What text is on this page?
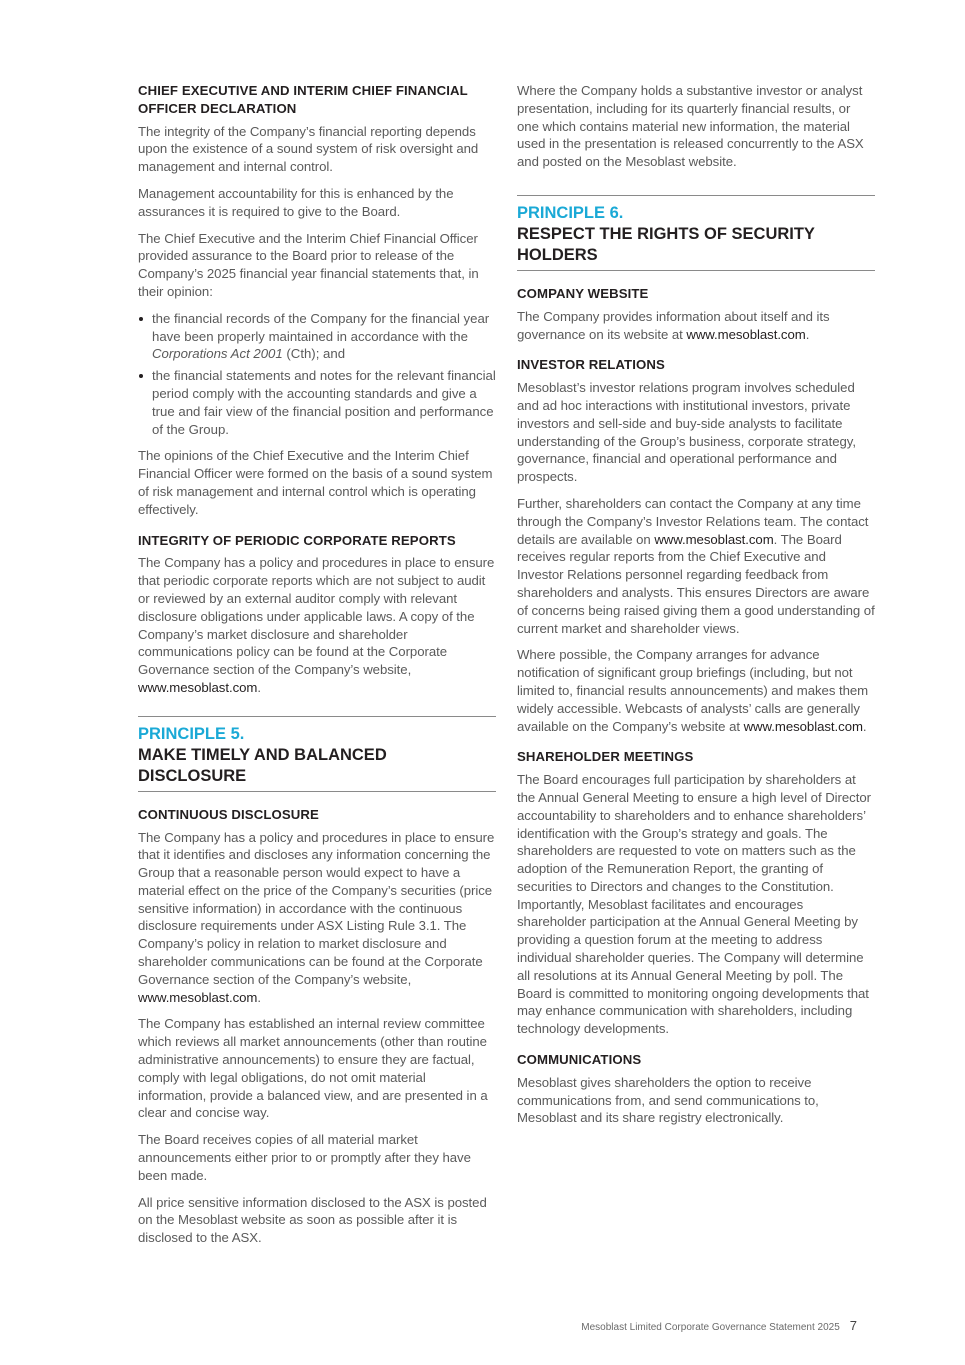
CHIEF EXECUTIVE AND INTERIM CHIEF FINANCIAL OFFICER DECLARATION

The integrity of the Company’s financial reporting depends upon the existence of a sound system of risk oversight and management and internal control.

Management accountability for this is enhanced by the assurances it is required to give to the Board.

The Chief Executive and the Interim Chief Financial Officer provided assurance to the Board prior to release of the Company’s 2025 financial year financial statements that, in their opinion:

the financial records of the Company for the financial year have been properly maintained in accordance with the Corporations Act 2001 (Cth); and
the financial statements and notes for the relevant financial period comply with the accounting standards and give a true and fair view of the financial position and performance of the Group.

The opinions of the Chief Executive and the Interim Chief Financial Officer were formed on the basis of a sound system of risk management and internal control which is operating effectively.

INTEGRITY OF PERIODIC CORPORATE REPORTS

The Company has a policy and procedures in place to ensure that periodic corporate reports which are not subject to audit or reviewed by an external auditor comply with relevant disclosure obligations under applicable laws. A copy of the Company’s market disclosure and shareholder communications policy can be found at the Corporate Governance section of the Company’s website, www.mesoblast.com.

PRINCIPLE 5.
MAKE TIMELY AND BALANCED DISCLOSURE
CONTINUOUS DISCLOSURE

The Company has a policy and procedures in place to ensure that it identifies and discloses any information concerning the Group that a reasonable person would expect to have a material effect on the price of the Company’s securities (price sensitive information) in accordance with the continuous disclosure requirements under ASX Listing Rule 3.1. The Company’s policy in relation to market disclosure and shareholder communications can be found at the Corporate Governance section of the Company’s website, www.mesoblast.com.

The Company has established an internal review committee which reviews all market announcements (other than routine administrative announcements) to ensure they are factual, comply with legal obligations, do not omit material information, provide a balanced view, and are presented in a clear and concise way.

The Board receives copies of all material market announcements either prior to or promptly after they have been made.

All price sensitive information disclosed to the ASX is posted on the Mesoblast website as soon as possible after it is disclosed to the ASX.

Where the Company holds a substantive investor or analyst presentation, including for its quarterly financial results, or one which contains material new information, the material used in the presentation is released concurrently to the ASX and posted on the Mesoblast website.

PRINCIPLE 6.
RESPECT THE RIGHTS OF SECURITY HOLDERS
COMPANY WEBSITE

The Company provides information about itself and its governance on its website at www.mesoblast.com.

INVESTOR RELATIONS

Mesoblast’s investor relations program involves scheduled and ad hoc interactions with institutional investors, private investors and sell-side and buy-side analysts to facilitate understanding of the Group’s business, corporate strategy, governance, financial and operational performance and prospects.

Further, shareholders can contact the Company at any time through the Company’s Investor Relations team. The contact details are available on www.mesoblast.com. The Board receives regular reports from the Chief Executive and Investor Relations personnel regarding feedback from shareholders and analysts. This ensures Directors are aware of concerns being raised giving them a good understanding of current market and shareholder views.

Where possible, the Company arranges for advance notification of significant group briefings (including, but not limited to, financial results announcements) and makes them widely accessible. Webcasts of analysts’ calls are generally available on the Company’s website at www.mesoblast.com.

SHAREHOLDER MEETINGS

The Board encourages full participation by shareholders at the Annual General Meeting to ensure a high level of Director accountability to shareholders and to enhance shareholders’ identification with the Group’s strategy and goals. The shareholders are requested to vote on matters such as the adoption of the Remuneration Report, the granting of securities to Directors and changes to the Constitution. Importantly, Mesoblast facilitates and encourages shareholder participation at the Annual General Meeting by providing a question forum at the meeting to address individual shareholder queries. The Company will determine all resolutions at its Annual General Meeting by poll. The Board is committed to monitoring ongoing developments that may enhance communication with shareholders, including technology developments.

COMMUNICATIONS

Mesoblast gives shareholders the option to receive communications from, and send communications to, Mesoblast and its share registry electronically.

Mesoblast Limited Corporate Governance Statement 2025 7
